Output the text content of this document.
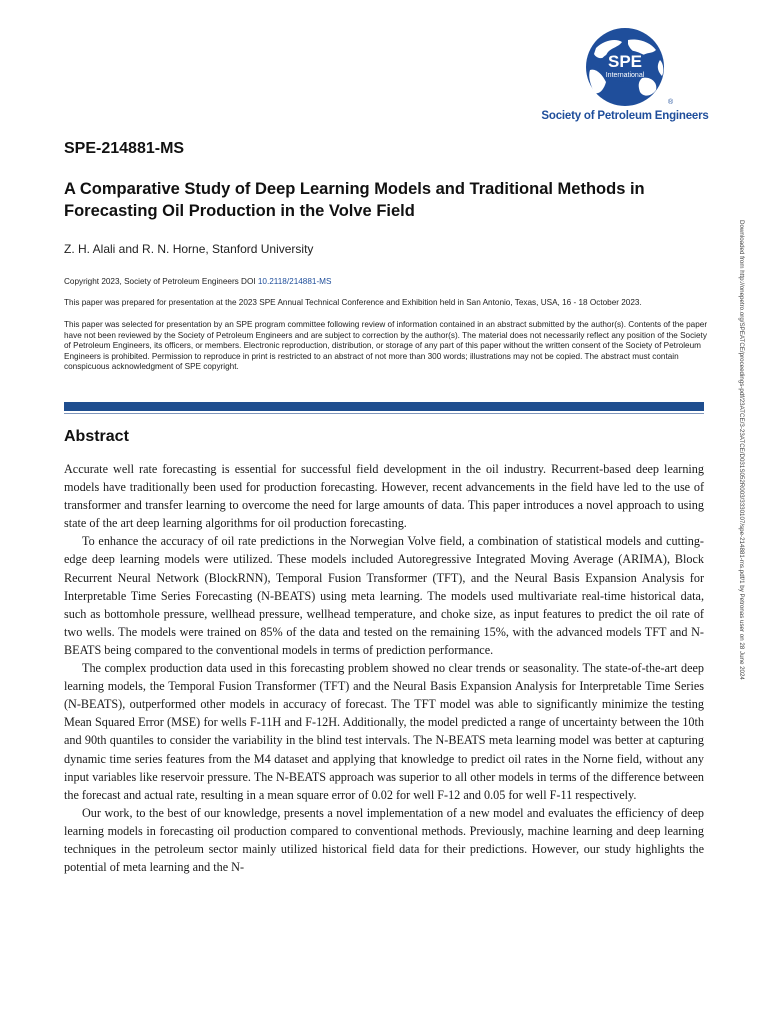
SPE
International
®
Society of Petroleum Engineers
SPE-214881-MS
A Comparative Study of Deep Learning Models and Traditional Methods in Forecasting Oil Production in the Volve Field
Z. H. Alali and R. N. Horne, Stanford University
Copyright 2023, Society of Petroleum Engineers DOI 10.2118/214881-MS
This paper was prepared for presentation at the 2023 SPE Annual Technical Conference and Exhibition held in San Antonio, Texas, USA, 16 - 18 October 2023.

This paper was selected for presentation by an SPE program committee following review of information contained in an abstract submitted by the author(s). Contents of the paper have not been reviewed by the Society of Petroleum Engineers and are subject to correction by the author(s). The material does not necessarily reflect any position of the Society of Petroleum Engineers, its officers, or members. Electronic reproduction, distribution, or storage of any part of this paper without the written consent of the Society of Petroleum Engineers is prohibited. Permission to reproduce in print is restricted to an abstract of not more than 300 words; illustrations may not be copied. The abstract must contain conspicuous acknowledgment of SPE copyright.

Abstract

Accurate well rate forecasting is essential for successful field development in the oil industry. Recurrent-based deep learning models have traditionally been used for production forecasting. However, recent advancements in the field have led to the use of transformer and transfer learning to overcome the need for large amounts of data. This paper introduces a novel approach to using state of the art deep learning algorithms for oil production forecasting.

To enhance the accuracy of oil rate predictions in the Norwegian Volve field, a combination of statistical models and cutting-edge deep learning models were utilized. These models included Autoregressive Integrated Moving Average (ARIMA), Block Recurrent Neural Network (BlockRNN), Temporal Fusion Transformer (TFT), and the Neural Basis Expansion Analysis for Interpretable Time Series Forecasting (N-BEATS) using meta learning. The models used multivariate real-time historical data, such as bottomhole pressure, wellhead pressure, wellhead temperature, and choke size, as input features to predict the oil rate of two wells. The models were trained on 85% of the data and tested on the remaining 15%, with the advanced models TFT and N-BEATS being compared to the conventional models in terms of prediction performance.

The complex production data used in this forecasting problem showed no clear trends or seasonality. The state-of-the-art deep learning models, the Temporal Fusion Transformer (TFT) and the Neural Basis Expansion Analysis for Interpretable Time Series (N-BEATS), outperformed other models in accuracy of forecast. The TFT model was able to significantly minimize the testing Mean Squared Error (MSE) for wells F-11H and F-12H. Additionally, the model predicted a range of uncertainty between the 10th and 90th quantiles to consider the variability in the blind test intervals. The N-BEATS meta learning model was better at capturing dynamic time series features from the M4 dataset and applying that knowledge to predict oil rates in the Norne field, without any input variables like reservoir pressure. The N-BEATS approach was superior to all other models in terms of the difference between the forecast and actual rate, resulting in a mean square error of 0.02 for well F-12 and 0.05 for well F-11 respectively.

Our work, to the best of our knowledge, presents a novel implementation of a new model and evaluates the efficiency of deep learning models in forecasting oil production compared to conventional methods. Previously, machine learning and deep learning techniques in the petroleum sector mainly utilized historical field data for their predictions. However, our study highlights the potential of meta learning and the N-

Downloaded from http://onepetro.org/SPEATCE/proceedings-pdf/23ATCE/3-23ATCE/D031S052R003/3330107/spe-214881-ms.pdf/1 by Petronas user on 28 June 2024
